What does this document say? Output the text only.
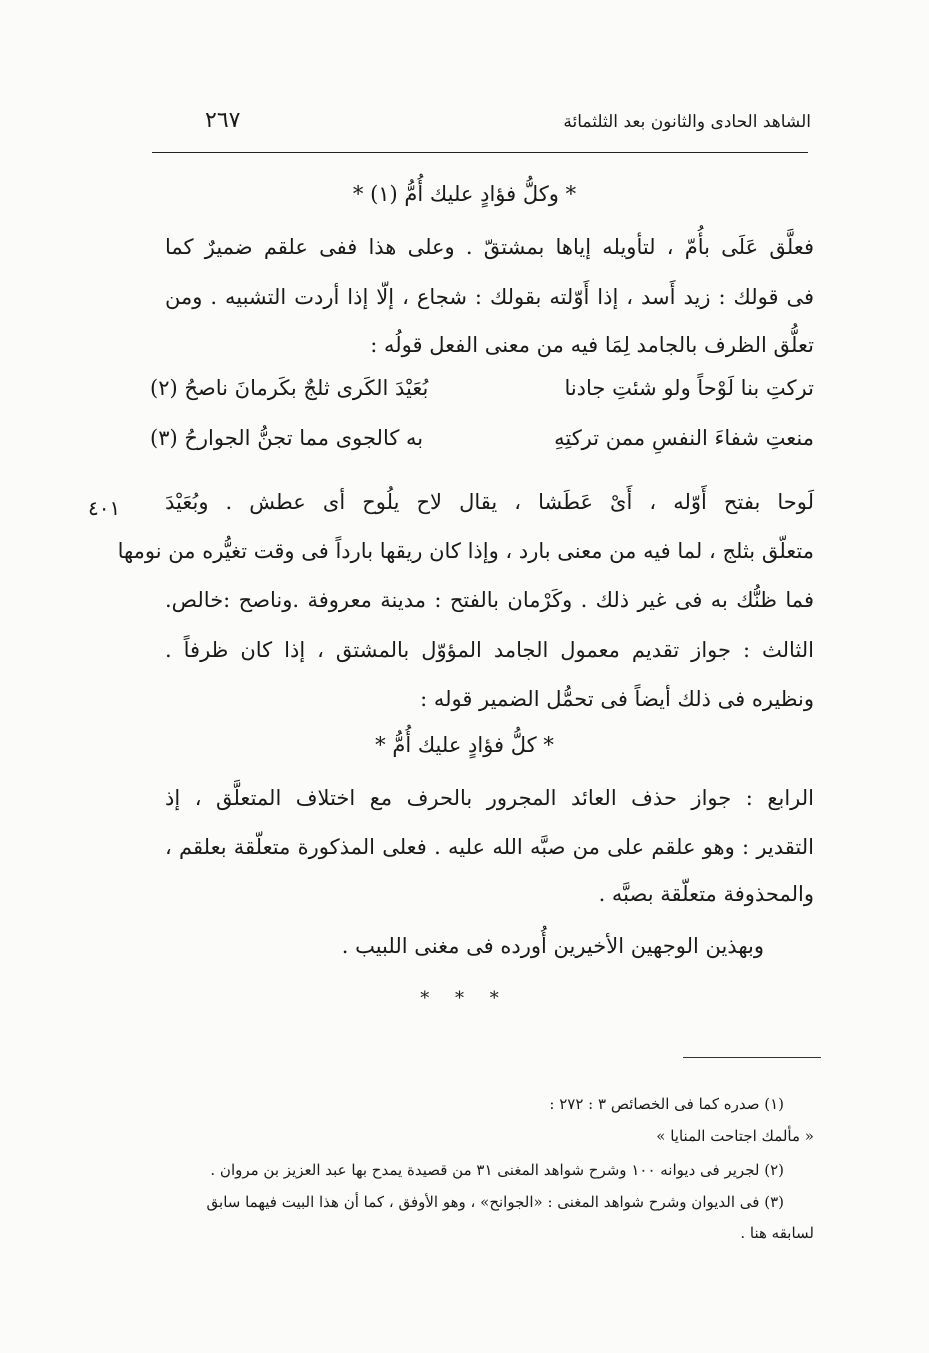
الشاهد الحادى والثانون بعد الثلثمائة
٢٦٧
* وكلُّ فؤادٍ عليك أُمُّ (١) *
فعلَّق عَلَى بأُمّ ، لتأويله إياها بمشتقّ . وعلى هذا ففى علقم ضميرٌ كما
فى قولك : زيد أَسد ، إذا أَوّلته بقولك : شجاع ، إلّا إذا أردت التشبيه . ومن
تعلُّق الظرف بالجامد لِمَا فيه من معنى الفعل قولُه :
تركتِ بنا لَوْحاً ولو شئتِ جادنا
بُعَيْدَ الكَرى ثلجٌ بكَرمانَ ناصحُ (٢)
منعتِ شفاءَ النفسِ ممن تركتِهِ
به كالجوى مما تجنُّ الجوارحُ (٣)
٤٠١ لَوحا بفتح أَوّله ، أَىْ عَطَشا ، يقال لاح يلُوح أى عطش . وبُعَيْدَ
متعلّق بثلج ، لما فيه من معنى بارد ، وإذا كان ريقها بارداً فى وقت تغيُّره من نومها
فما ظنُّك به فى غير ذلك . وكَرْمان بالفتح : مدينة معروفة .وناصح :خالص.
الثالث : جواز تقديم معمول الجامد المؤوّل بالمشتق ، إذا كان ظرفاً .
ونظيره فى ذلك أيضاً فى تحمُّل الضمير قوله :
* كلُّ فؤادٍ عليك أُمُّ *
الرابع : جواز حذف العائد المجرور بالحرف مع اختلاف المتعلَّق ، إذ
التقدير : وهو علقم على من صبَّه الله عليه . فعلى المذكورة متعلّقة بعلقم ،
والمحذوفة متعلّقة بصبَّه .
وبهذين الوجهين الأخيرين أُورده فى مغنى اللبيب .
* * *
(١) صدره كما فى الخصائص ٣ : ٢٧٢ :
« مألمك اجتاحت المنايا »
(٢) لجرير فى ديوانه ١٠٠ وشرح شواهد المغنى ٣١ من قصيدة يمدح بها عبد العزيز بن مروان .
(٣) فى الديوان وشرح شواهد المغنى : «الجوانح» ، وهو الأوفق ، كما أن هذا البيت فيهما سابق
لسابقه هنا .
